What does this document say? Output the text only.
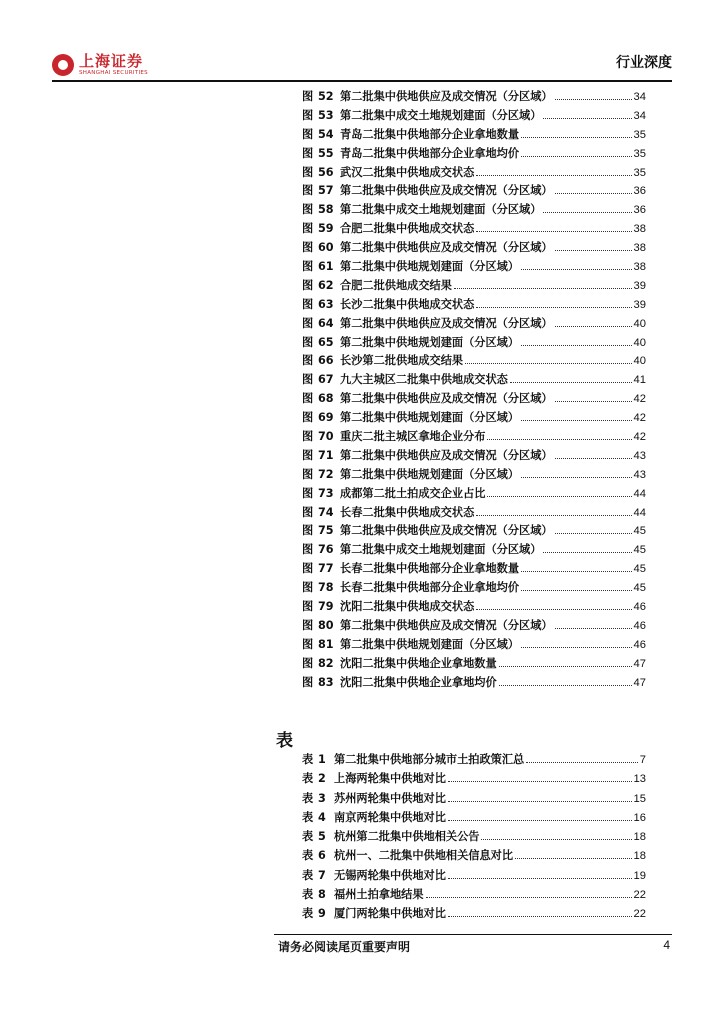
上海证券
SHANGHAI SECURITIES
行业深度
图 52 第二批集中供地供应及成交情况（分区域）	34
图 53 第二批集中成交土地规划建面（分区域）	34
图 54 青岛二批集中供地部分企业拿地数量	35
图 55 青岛二批集中供地部分企业拿地均价	35
图 56 武汉二批集中供地成交状态	35
图 57 第二批集中供地供应及成交情况（分区域）	36
图 58 第二批集中成交土地规划建面（分区域）	36
图 59 合肥二批集中供地成交状态	38
图 60 第二批集中供地供应及成交情况（分区域）	38
图 61 第二批集中供地规划建面（分区域）	38
图 62 合肥二批供地成交结果	39
图 63 长沙二批集中供地成交状态	39
图 64 第二批集中供地供应及成交情况（分区域）	40
图 65 第二批集中供地规划建面（分区域）	40
图 66 长沙第二批供地成交结果	40
图 67 九大主城区二批集中供地成交状态	41
图 68 第二批集中供地供应及成交情况（分区域）	42
图 69 第二批集中供地规划建面（分区域）	42
图 70 重庆二批主城区拿地企业分布	42
图 71 第二批集中供地供应及成交情况（分区域）	43
图 72 第二批集中供地规划建面（分区域）	43
图 73 成都第二批土拍成交企业占比	44
图 74 长春二批集中供地成交状态	44
图 75 第二批集中供地供应及成交情况（分区域）	45
图 76 第二批集中成交土地规划建面（分区域）	45
图 77 长春二批集中供地部分企业拿地数量	45
图 78 长春二批集中供地部分企业拿地均价	45
图 79 沈阳二批集中供地成交状态	46
图 80 第二批集中供地供应及成交情况（分区域）	46
图 81 第二批集中供地规划建面（分区域）	46
图 82 沈阳二批集中供地企业拿地数量	47
图 83 沈阳二批集中供地企业拿地均价	47
表
表 1 第二批集中供地部分城市土拍政策汇总	7
表 2 上海两轮集中供地对比	13
表 3 苏州两轮集中供地对比	15
表 4 南京两轮集中供地对比	16
表 5 杭州第二批集中供地相关公告	18
表 6 杭州一、二批集中供地相关信息对比	18
表 7 无锡两轮集中供地对比	19
表 8 福州土拍拿地结果	22
表 9 厦门两轮集中供地对比	22
请务必阅读尾页重要声明	4
